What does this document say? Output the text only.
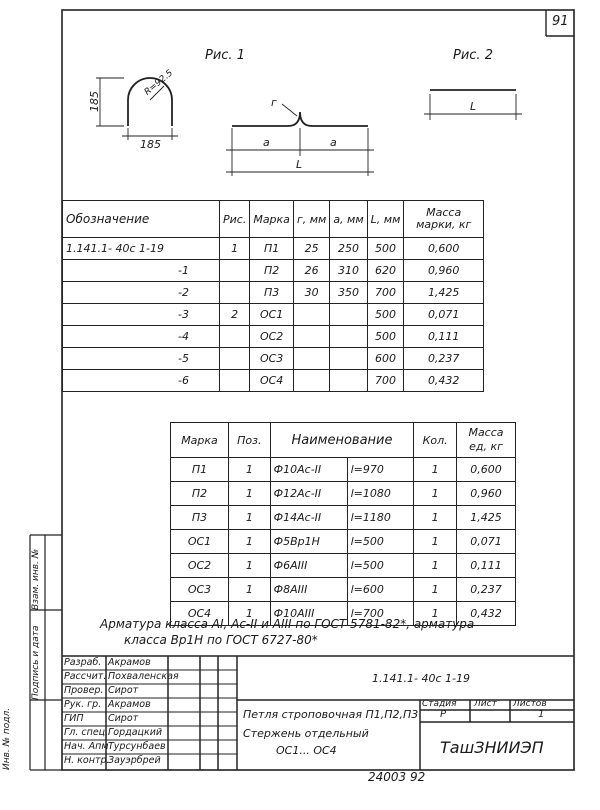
91
Рис. 1
185
185
R=92.5
г
a	a
L
Рис. 2
L
Обозначение	Рис.	Марка	г, мм	a, мм	L, мм	Масса марки, кг
1.141.1- 40с 1-19	1	П1	25	250	500	0,600
-1		П2	26	310	620	0,960
-2		П3	30	350	700	1,425
-3	2	ОС1			500	0,071
-4		ОС2			500	0,111
-5		ОС3			600	0,237
-6		ОС4			700	0,432
Марка	Поз.	Наименование		Кол.	Масса ед, кг
П1	1	Ф10Ас-II	l=970	1	0,600
П2	1	Ф12Ас-II	l=1080	1	0,960
П3	1	Ф14Ас-II	l=1180	1	1,425
ОС1	1	Ф5Вр1Н	l=500	1	0,071
ОС2	1	Ф6АIII	l=500	1	0,111
ОС3	1	Ф8АIII	l=600	1	0,237
ОС4	1	Ф10АIII	l=700	1	0,432
Арматура класса АI, Ас-II и АIII по ГОСТ 5781-82*, арматура
класса Вр1Н по ГОСТ 6727-80*
Разраб. Акрамов
Рассчит. Похваленская
Провер. Сирот
Рук. гр. Акрамов
ГИП	Сирот
Гл. спец. Гордацкий
Нач. Апм Турсунбаев
Н. контр.
Зауэрбрей
1.141.1- 40с 1-19
Петля строповочная П1,П2,П3
Стержень отдельный
ОС1... ОС4
Стадия Лист Листов
Р	1
ТашЗНИИЭП
Инв. № подл.
Подпись и дата
Взам. инв. №
24003 92
